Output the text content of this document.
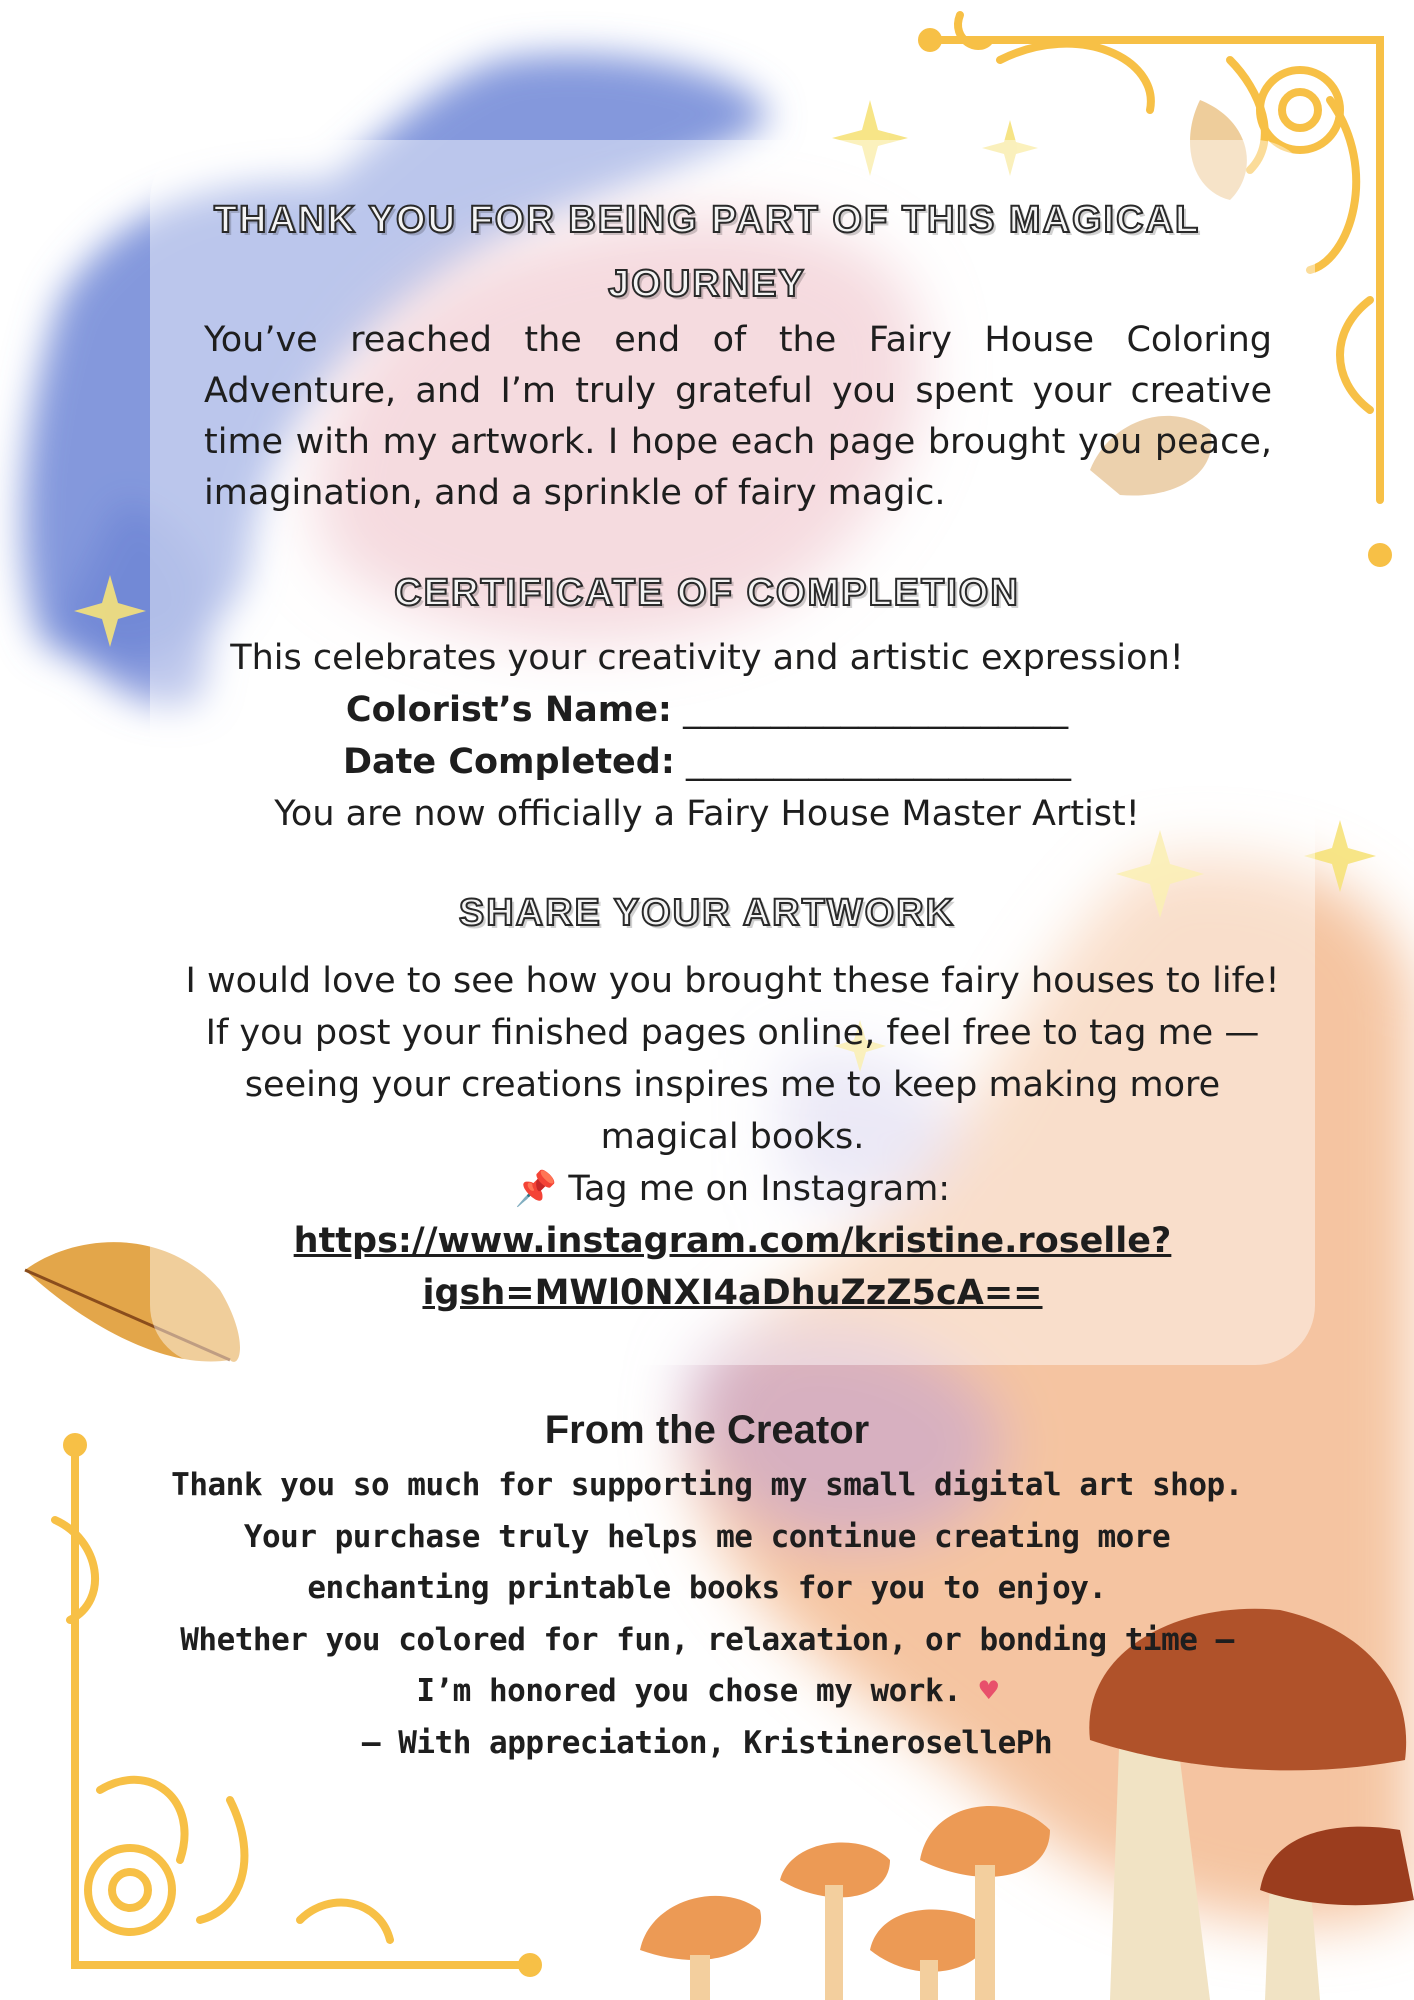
THANK YOU FOR BEING PART OF THIS MAGICAL
JOURNEY
You’ve reached the end of the Fairy House Coloring Adventure, and I’m truly grateful you spent your creative time with my artwork. I hope each page brought you peace, imagination, and a sprinkle of fairy magic.
CERTIFICATE OF COMPLETION
This celebrates your creativity and artistic expression!
Colorist’s Name: ______________________
Date Completed: ______________________
You are now officially a Fairy House Master Artist!
SHARE YOUR ARTWORK
I would love to see how you brought these fairy houses to life!
If you post your finished pages online, feel free to tag me —
seeing your creations inspires me to keep making more
magical books.
📌 Tag me on Instagram:
https://www.instagram.com/kristine.roselle?
igsh=MWl0NXI4aDhuZzZ5cA==
From the Creator
Thank you so much for supporting my small digital art shop.
Your purchase truly helps me continue creating more
enchanting printable books for you to enjoy.
Whether you colored for fun, relaxation, or bonding time —
I’m honored you chose my work. ♥
— With appreciation, KristinerosellePh
